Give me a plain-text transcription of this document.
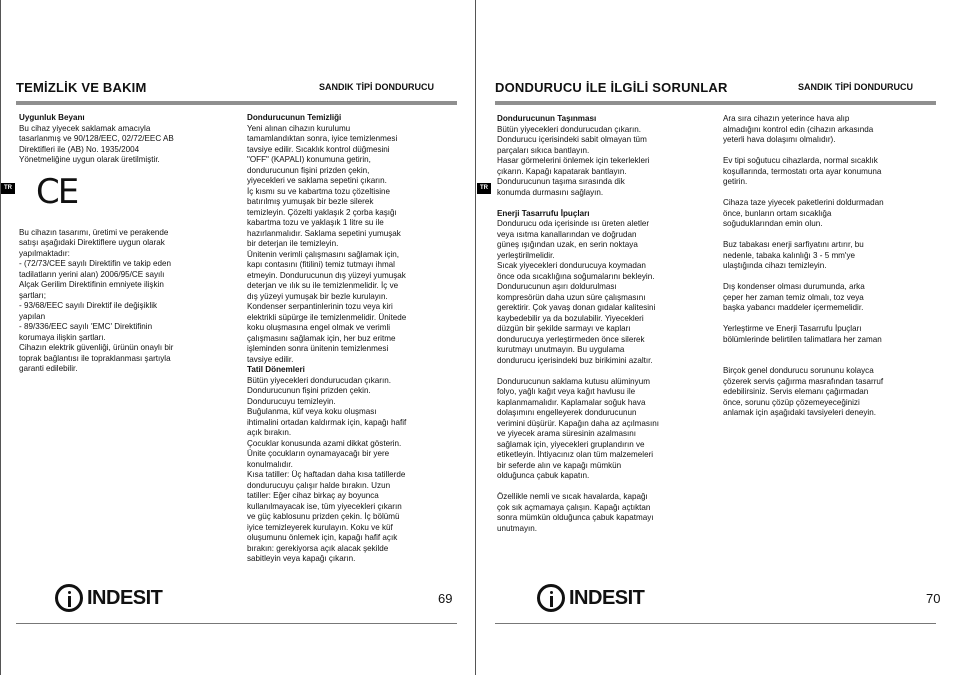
TEMİZLİK VE BAKIM	SANDIK TİPİ DONDURUCU
TR CE

Uygunluk Beyanı

Bu cihaz yiyecek saklamak amacıyla
tasarlanmış ve 90/128/EEC, 02/72/EEC AB
Direktifleri ile (AB) No. 1935/2004
Yönetmeliğine uygun olarak üretilmiştir.

Bu cihazın tasarımı, üretimi ve perakende
satışı aşağıdaki Direktiflere uygun olarak
yapılmaktadır:
- (72/73/CEE sayılı Direktifin ve takip eden
tadilatların yerini alan) 2006/95/CE sayılı
Alçak Gerilim Direktifinin emniyete ilişkin
şartları;
- 93/68/EEC sayılı Direktif ile değişiklik
yapılan
- 89/336/EEC sayılı 'EMC' Direktifinin
korumaya ilişkin şartları.
Cihazın elektrik güvenliği, ürünün onaylı bir
toprak bağlantısı ile topraklanması şartıyla
garanti edilebilir.

Dondurucunun Temizliği

Yeni alınan cihazın kurulumu
tamamlandıktan sonra, iyice temizlenmesi
tavsiye edilir. Sıcaklık kontrol düğmesini
"OFF" (KAPALI) konumuna getirin,
dondurucunun fişini prizden çekin,
yiyecekleri ve saklama sepetini çıkarın.
İç kısmı su ve kabartma tozu çözeltisine
batırılmış yumuşak bir bezle silerek
temizleyin. Çözelti yaklaşık 2 çorba kaşığı
kabartma tozu ve yaklaşık 1 litre su ile
hazırlanmalıdır. Saklama sepetini yumuşak
bir deterjan ile temizleyin.
Ünitenin verimli çalışmasını sağlamak için,
kapı contasını (fitilini) temiz tutmayı ihmal
etmeyin. Dondurucunun dış yüzeyi yumuşak
deterjan ve ılık su ile temizlenmelidir. İç ve
dış yüzeyi yumuşak bir bezle kurulayın.
Kondenser serpantinlerinin tozu veya kiri
elektrikli süpürge ile temizlenmelidir. Ünitede
koku oluşmasına engel olmak ve verimli
çalışmasını sağlamak için, her buz eritme
işleminden sonra ünitenin temizlenmesi
tavsiye edilir.

Tatil Dönemleri

Bütün yiyecekleri dondurucudan çıkarın.
Dondurucunun fişini prizden çekin.
Dondurucuyu temizleyin.
Buğulanma, küf veya koku oluşması
ihtimalini ortadan kaldırmak için, kapağı hafif
açık bırakın.
Çocuklar konusunda azami dikkat gösterin.
Ünite çocukların oynamayacağı bir yere
konulmalıdır.
Kısa tatiller: Üç haftadan daha kısa tatillerde
dondurucuyu çalışır halde bırakın. Uzun
tatiller: Eğer cihaz birkaç ay boyunca
kullanılmayacak ise, tüm yiyecekleri çıkarın
ve güç kablosunu prizden çekin. İç bölümü
iyice temizleyerek kurulayın. Koku ve küf
oluşumunu önlemek için, kapağı hafif açık
bırakın: gerekiyorsa açık alacak şekilde
sabitleyin veya kapağı çıkarın.

INDESIT	69
DONDURUCU İLE İLGİLİ SORUNLAR	SANDIK TİPİ DONDURUCU
TR

Dondurucunun Taşınması

Bütün yiyecekleri dondurucudan çıkarın.
Dondurucu içerisindeki sabit olmayan tüm
parçaları sıkıca bantlayın.
Hasar görmelerini önlemek için tekerlekleri
çıkarın. Kapağı kapatarak bantlayın.
Dondurucunun taşıma sırasında dik
konumda durmasını sağlayın.

Enerji Tasarrufu İpuçları

Dondurucu oda içerisinde ısı üreten aletler
veya ısıtma kanallarından ve doğrudan
güneş ışığından uzak, en serin noktaya
yerleştirilmelidir.
Sıcak yiyecekleri dondurucuya koymadan
önce oda sıcaklığına soğumalarını bekleyin.
Dondurucunun aşırı doldurulması
kompresörün daha uzun süre çalışmasını
gerektirir. Çok yavaş donan gıdalar kalitesini
kaybedebilir ya da bozulabilir. Yiyecekleri
düzgün bir şekilde sarmayı ve kapları
dondurucuya yerleştirmeden önce silerek
kurutmayı unutmayın. Bu uygulama
dondurucu içerisindeki buz birikimini azaltır.

Dondurucunun saklama kutusu alüminyum
folyo, yağlı kağıt veya kağıt havlusu ile
kaplanmamalıdır. Kaplamalar soğuk hava
dolaşımını engelleyerek dondurucunun
verimini düşürür. Kapağın daha az açılmasını
ve yiyecek arama süresinin azalmasını
sağlamak için, yiyecekleri gruplandırın ve
etiketleyin. İhtiyacınız olan tüm malzemeleri
bir seferde alın ve kapağı mümkün
olduğunca çabuk kapatın.

Özellikle nemli ve sıcak havalarda, kapağı
çok sık açmamaya çalışın. Kapağı açtıktan
sonra mümkün olduğunca çabuk kapatmayı
unutmayın.

Ara sıra cihazın yeterince hava alıp
almadığını kontrol edin (cihazın arkasında
yeterli hava dolaşımı olmalıdır).

Ev tipi soğutucu cihazlarda, normal sıcaklık
koşullarında, termostatı orta ayar konumuna
getirin.

Cihaza taze yiyecek paketlerini doldurmadan
önce, bunların ortam sıcaklığa
soğuduklarından emin olun.

Buz tabakası enerji sarfiyatını artırır, bu
nedenle, tabaka kalınlığı 3 - 5 mm'ye
ulaştığında cihazı temizleyin.

Dış kondenser olması durumunda, arka
çeper her zaman temiz olmalı, toz veya
başka yabancı maddeler içermemelidir.

Yerleştirme ve Enerji Tasarrufu İpuçları
bölümlerinde belirtilen talimatlara her zaman

Birçok genel dondurucu sorununu kolayca
çözerek servis çağırma masrafından tasarruf
edebilirsiniz. Servis elemanı çağırmadan
önce, sorunu çözüp çözemeyeceğinizi
anlamak için aşağıdaki tavsiyeleri deneyin.

INDESIT	70
